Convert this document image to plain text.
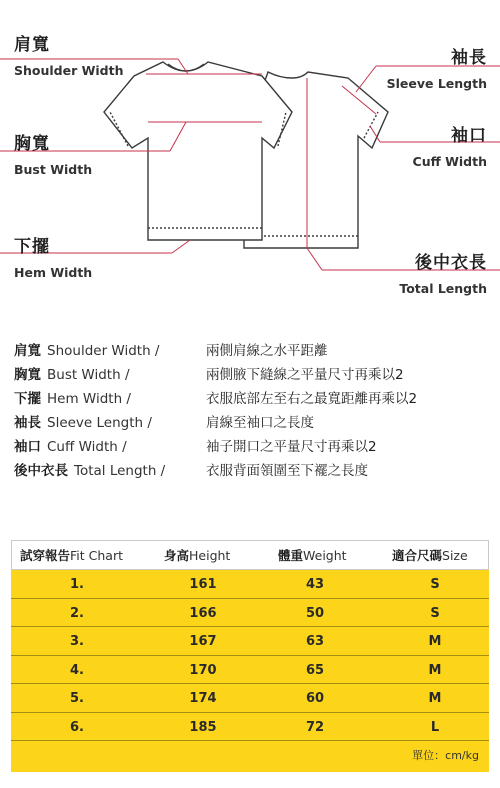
肩寬
Shoulder Width
袖長
Sleeve Length
胸寬
Bust Width
袖口
Cuff Width
下擺
Hem Width	後中衣長
Total Length
肩寬 Shoulder Width /	兩側肩線之水平距離
胸寬 Bust Width /	兩側腋下縫線之平量尺寸再乘以2
下擺 Hem Width /	衣服底部左至右之最寬距離再乘以2
袖長 Sleeve Length /	肩線至袖口之長度
袖口 Cuff Width /	袖子開口之平量尺寸再乘以2
後中衣長 Total Length /	衣服背面領圍至下襬之長度
試穿報告Fit Chart	身高Height	體重Weight	適合尺碼Size
1.	161	43	S
2.	166	50	S
3.	167	63	M
4.	170	65	M
5.	174	60	M
6.	185	72	L
單位：cm/kg
